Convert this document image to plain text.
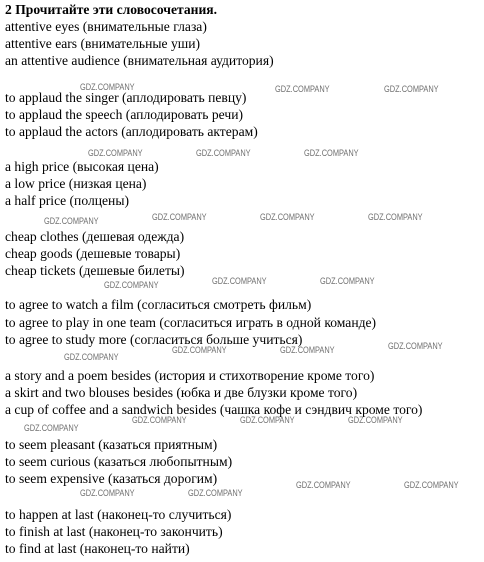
2 Прочитайте эти словосочетания.

attentive eyes (внимательные глаза)

attentive ears (внимательные уши)

an attentive audience (внимательная аудитория)

to applaud the singer (аплодировать певцу)

to applaud the speech (аплодировать речи)

to applaud the actors (аплодировать актерам)

a high price (высокая цена)

a low price (низкая цена)

a half price (полцены)

cheap clothes (дешевая одежда)

cheap goods (дешевые товары)

cheap tickets (дешевые билеты)

to agree to watch a film (согласиться смотреть фильм)

to agree to play in one team (согласиться играть в одной команде)

to agree to study more (согласиться больше учиться)

a story and a poem besides (история и стихотворение кроме того)

a skirt and two blouses besides (юбка и две блузки кроме того)

a cup of coffee and a sandwich besides (чашка кофе и сэндвич кроме того)

to seem pleasant (казаться приятным)

to seem curious (казаться любопытным)

to seem expensive (казаться дорогим)

to happen at last (наконец-то случиться)

to finish at last (наконец-то закончить)

to find at last (наконец-то найти)

GDZ.COMPANY	GDZ.COMPANY	GDZ.COMPANY
GDZ.COMPANY	GDZ.COMPANY	GDZ.COMPANY
GDZ.COMPANY	GDZ.COMPANY	GDZ.COMPANY	GDZ.COMPANY
GDZ.COMPANY	GDZ.COMPANY	GDZ.COMPANY
GDZ.COMPANY	GDZ.COMPANY	GDZ.COMPANY
GDZ.COMPANY
GDZ.COMPANY	GDZ.COMPANY	GDZ.COMPANY
GDZ.COMPANY
GDZ.COMPANY	GDZ.COMPANY
GDZ.COMPANY	GDZ.COMPANY
